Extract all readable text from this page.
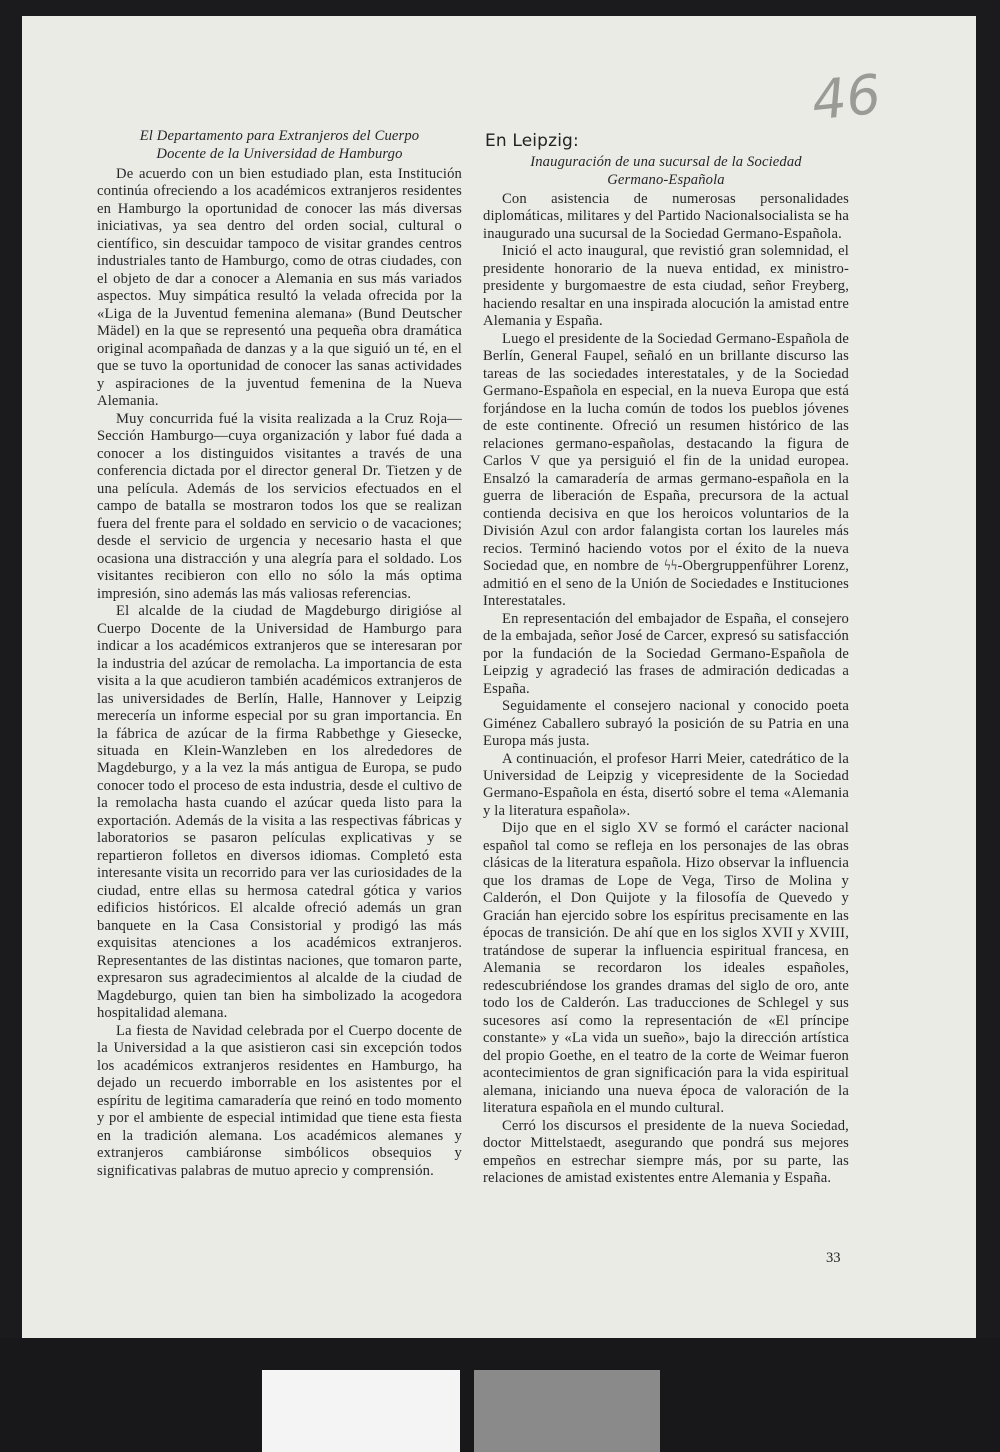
46
El Departamento para Extranjeros del Cuerpo
Docente de la Universidad de Hamburgo

De acuerdo con un bien estudiado plan, esta Institución continúa ofreciendo a los académicos extranjeros residentes en Hamburgo la oportunidad de conocer las más diversas iniciativas, ya sea dentro del orden social, cultural o científico, sin descuidar tampoco de visitar grandes centros industriales tanto de Hamburgo, como de otras ciudades, con el objeto de dar a conocer a Alemania en sus más variados aspectos. Muy simpática resultó la velada ofrecida por la «Liga de la Juventud femenina alemana» (Bund Deutscher Mädel) en la que se representó una pequeña obra dramática original acompañada de danzas y a la que siguió un té, en el que se tuvo la oportunidad de conocer las sanas actividades y aspiraciones de la juventud femenina de la Nueva Alemania.

Muy concurrida fué la visita realizada a la Cruz Roja—Sección Hamburgo—cuya organización y labor fué dada a conocer a los distinguidos visitantes a través de una conferencia dictada por el director general Dr. Tietzen y de una película. Además de los servicios efectuados en el campo de batalla se mostraron todos los que se realizan fuera del frente para el soldado en servicio o de vacaciones; desde el servicio de urgencia y necesario hasta el que ocasiona una distracción y una alegría para el soldado. Los visitantes recibieron con ello no sólo la más optima impresión, sino además las más valiosas referencias.

El alcalde de la ciudad de Magdeburgo dirigióse al Cuerpo Docente de la Universidad de Hamburgo para indicar a los académicos extranjeros que se interesaran por la industria del azúcar de remolacha. La importancia de esta visita a la que acudieron también académicos extranjeros de las universidades de Berlín, Halle, Hannover y Leipzig merecería un informe especial por su gran importancia. En la fábrica de azúcar de la firma Rabbethge y Giesecke, situada en Klein-Wanzleben en los alrededores de Magdeburgo, y a la vez la más antigua de Europa, se pudo conocer todo el proceso de esta industria, desde el cultivo de la remolacha hasta cuando el azúcar queda listo para la exportación. Además de la visita a las respectivas fábricas y laboratorios se pasaron películas explicativas y se repartieron folletos en diversos idiomas. Completó esta interesante visita un recorrido para ver las curiosidades de la ciudad, entre ellas su hermosa catedral gótica y varios edificios históricos. El alcalde ofreció además un gran banquete en la Casa Consistorial y prodigó las más exquisitas atenciones a los académicos extranjeros. Representantes de las distintas naciones, que tomaron parte, expresaron sus agradecimientos al alcalde de la ciudad de Magdeburgo, quien tan bien ha simbolizado la acogedora hospitalidad alemana.

La fiesta de Navidad celebrada por el Cuerpo docente de la Universidad a la que asistieron casi sin excepción todos los académicos extranjeros residentes en Hamburgo, ha dejado un recuerdo imborrable en los asistentes por el espíritu de legitima camaradería que reinó en todo momento y por el ambiente de especial intimidad que tiene esta fiesta en la tradición alemana. Los académicos alemanes y extranjeros cambiáronse simbólicos obsequios y significativas palabras de mutuo aprecio y comprensión.

En Leipzig:
Inauguración de una sucursal de la Sociedad
Germano-Española

Con asistencia de numerosas personalidades diplomáticas, militares y del Partido Nacionalsocialista se ha inaugurado una sucursal de la Sociedad Germano-Española.

Inició el acto inaugural, que revistió gran solemnidad, el presidente honorario de la nueva entidad, ex ministro-presidente y burgomaestre de esta ciudad, señor Freyberg, haciendo resaltar en una inspirada alocución la amistad entre Alemania y España.

Luego el presidente de la Sociedad Germano-Española de Berlín, General Faupel, señaló en un brillante discurso las tareas de las sociedades interestatales, y de la Sociedad Germano-Española en especial, en la nueva Europa que está forjándose en la lucha común de todos los pueblos jóvenes de este continente. Ofreció un resumen histórico de las relaciones germano-españolas, destacando la figura de Carlos V que ya persiguió el fin de la unidad europea. Ensalzó la camaradería de armas germano-española en la guerra de liberación de España, precursora de la actual contienda decisiva en que los heroicos voluntarios de la División Azul con ardor falangista cortan los laureles más recios. Terminó haciendo votos por el éxito de la nueva Sociedad que, en nombre de ϟϟ-Obergruppenführer Lorenz, admitió en el seno de la Unión de Sociedades e Instituciones Interestatales.

En representación del embajador de España, el consejero de la embajada, señor José de Carcer, expresó su satisfacción por la fundación de la Sociedad Germano-Española de Leipzig y agradeció las frases de admiración dedicadas a España.

Seguidamente el consejero nacional y conocido poeta Giménez Caballero subrayó la posición de su Patria en una Europa más justa.

A continuación, el profesor Harri Meier, catedrático de la Universidad de Leipzig y vicepresidente de la Sociedad Germano-Española en ésta, disertó sobre el tema «Alemania y la literatura española».

Dijo que en el siglo XV se formó el carácter nacional español tal como se refleja en los personajes de las obras clásicas de la literatura española. Hizo observar la influencia que los dramas de Lope de Vega, Tirso de Molina y Calderón, el Don Quijote y la filosofía de Quevedo y Gracián han ejercido sobre los espíritus precisamente en las épocas de transición. De ahí que en los siglos XVII y XVIII, tratándose de superar la influencia espiritual francesa, en Alemania se recordaron los ideales españoles, redescubriéndose los grandes dramas del siglo de oro, ante todo los de Calderón. Las traducciones de Schlegel y sus sucesores así como la representación de «El príncipe constante» y «La vida un sueño», bajo la dirección artística del propio Goethe, en el teatro de la corte de Weimar fueron acontecimientos de gran significación para la vida espiritual alemana, iniciando una nueva época de valoración de la literatura española en el mundo cultural.

Cerró los discursos el presidente de la nueva Sociedad, doctor Mittelstaedt, asegurando que pondrá sus mejores empeños en estrechar siempre más, por su parte, las relaciones de amistad existentes entre Alemania y España.

33
